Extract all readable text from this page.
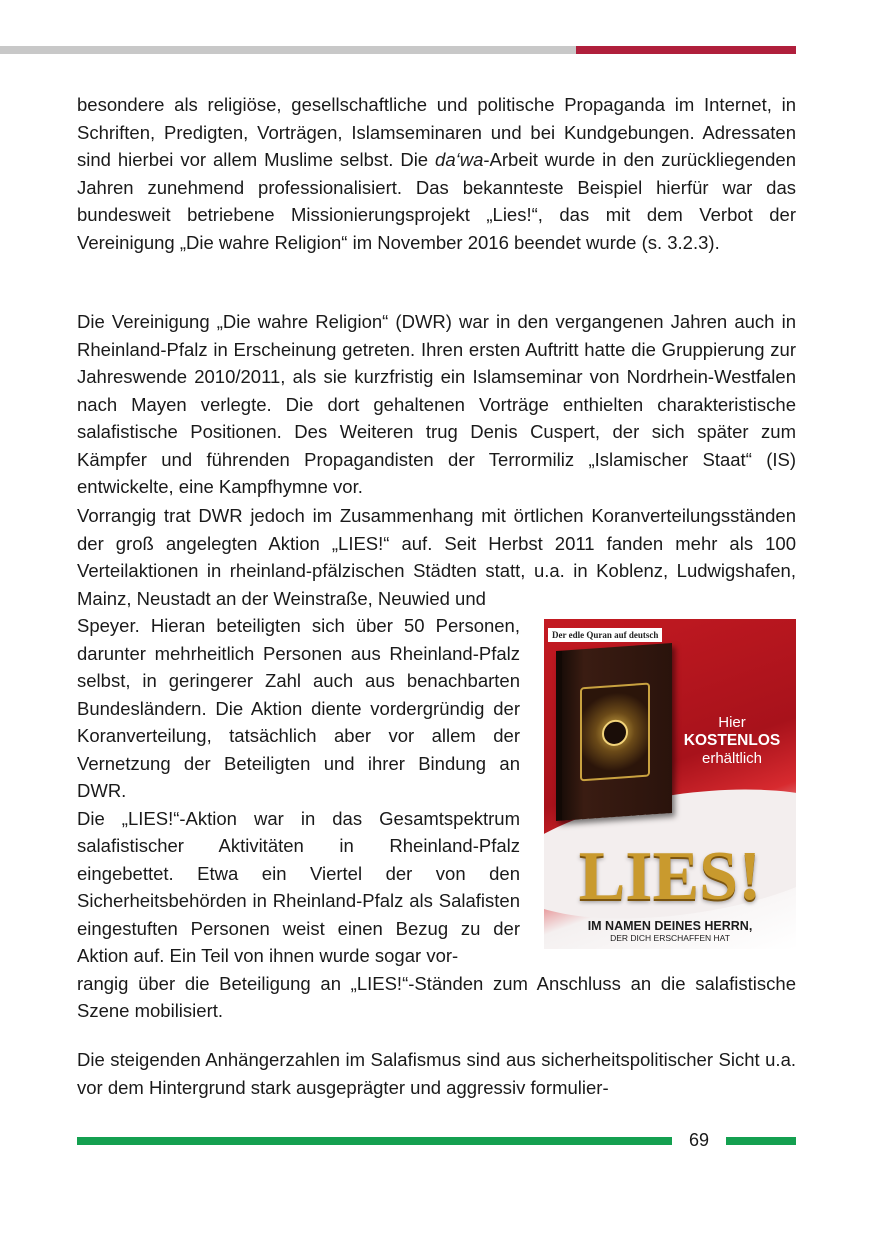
besondere als religiöse, gesellschaftliche und politische Propaganda im Internet, in Schriften, Predigten, Vorträgen, Islamseminaren und bei Kundgebungen. Adressaten sind hierbei vor allem Muslime selbst. Die da‘wa-Arbeit wurde in den zurückliegenden Jahren zunehmend professionalisiert. Das bekannteste Beispiel hierfür war das bundesweit betriebene Missionierungsprojekt „Lies!“, das mit dem Verbot der Vereinigung „Die wahre Religion“ im November 2016 beendet wurde (s. 3.2.3).

Die Vereinigung „Die wahre Religion“ (DWR) war in den vergangenen Jahren auch in Rheinland-Pfalz in Erscheinung getreten. Ihren ersten Auftritt hatte die Gruppierung zur Jahreswende 2010/2011, als sie kurzfristig ein Islamseminar von Nordrhein-Westfalen nach Mayen verlegte. Die dort gehaltenen Vorträge enthielten charakteristische salafistische Positionen. Des Weiteren trug Denis Cuspert, der sich später zum Kämpfer und führenden Propagandisten der Terrormiliz „Islamischer Staat“ (IS) entwickelte, eine Kampfhymne vor.

Vorrangig trat DWR jedoch im Zusammenhang mit örtlichen Koranverteilungsständen der groß angelegten Aktion „LIES!“ auf. Seit Herbst 2011 fanden mehr als 100 Verteilaktionen in rheinland-pfälzischen Städten statt, u.a. in Koblenz, Ludwigshafen, Mainz, Neustadt an der Weinstraße, Neuwied und

Speyer. Hieran beteiligten sich über 50 Personen, darunter mehrheitlich Personen aus Rheinland-Pfalz selbst, in geringerer Zahl auch aus benachbarten Bundesländern. Die Aktion diente vordergründig der Koranverteilung, tatsächlich aber vor allem der Vernetzung der Beteiligten und ihrer Bindung an DWR.

Die „LIES!“-Aktion war in das Gesamtspektrum salafistischer Aktivitäten in Rheinland-Pfalz eingebettet. Etwa ein Viertel der von den Sicherheitsbehörden in Rheinland-Pfalz als Salafisten eingestuften Personen weist einen Bezug zu der Aktion auf. Ein Teil von ihnen wurde sogar vor-

rangig über die Beteiligung an „LIES!“-Ständen zum Anschluss an die salafistische Szene mobilisiert.

Der edle Quran auf deutsch
Hier
KOSTENLOS
erhältlich
LIES!
IM NAMEN DEINES HERRN,
DER DICH ERSCHAFFEN HAT

Die steigenden Anhängerzahlen im Salafismus sind aus sicherheitspolitischer Sicht u.a. vor dem Hintergrund stark ausgeprägter und aggressiv formulier-

69
